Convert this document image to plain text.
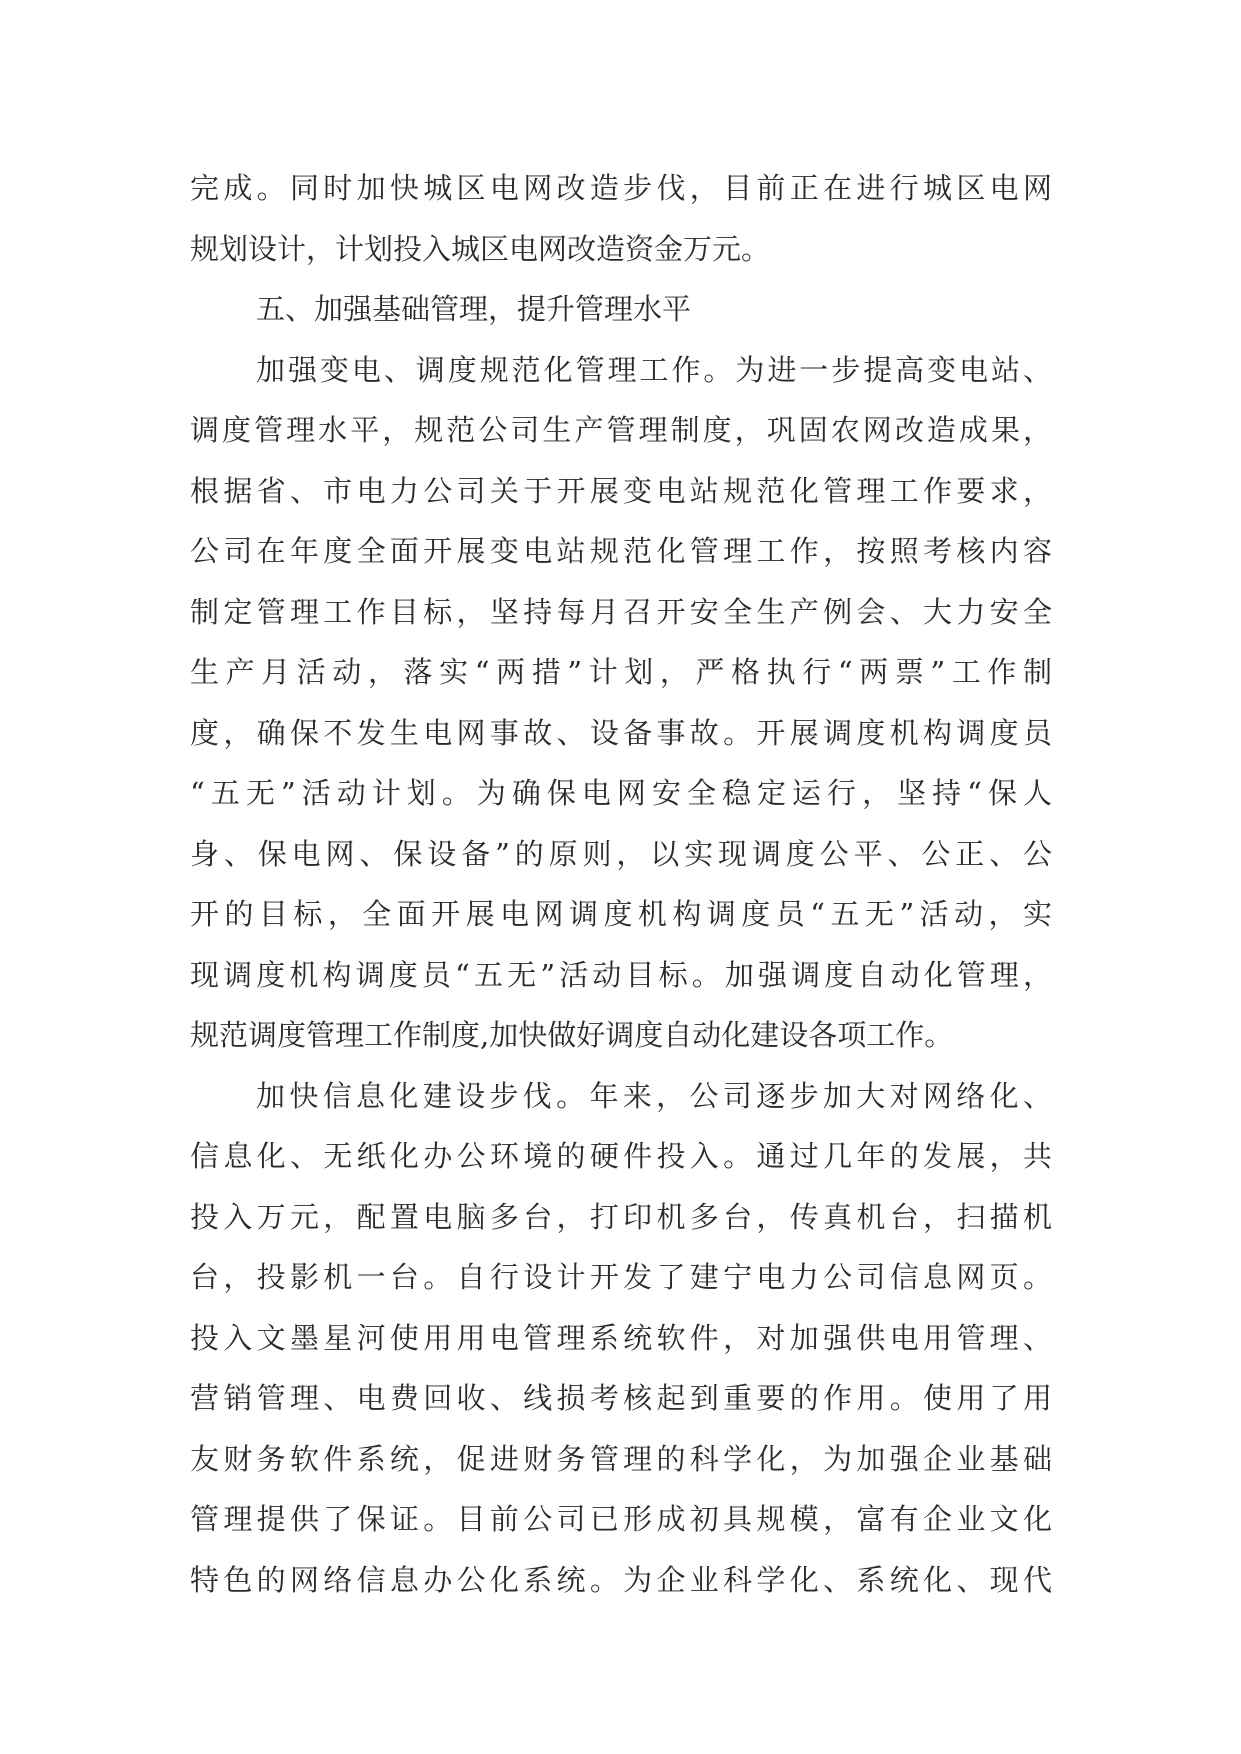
完成。同时加快城区电网改造步伐，目前正在进行城区电网
规划设计，计划投入城区电网改造资金万元。
五、加强基础管理，提升管理水平
加强变电、调度规范化管理工作。为进一步提高变电站、
调度管理水平，规范公司生产管理制度，巩固农网改造成果，
根据省、市电力公司关于开展变电站规范化管理工作要求，
公司在年度全面开展变电站规范化管理工作，按照考核内容
制定管理工作目标，坚持每月召开安全生产例会、大力安全
生产月活动，落实“两措”计划，严格执行“两票”工作制
度，确保不发生电网事故、设备事故。开展调度机构调度员
“五无”活动计划。为确保电网安全稳定运行，坚持“保人
身、保电网、保设备”的原则，以实现调度公平、公正、公
开的目标，全面开展电网调度机构调度员“五无”活动，实
现调度机构调度员“五无”活动目标。加强调度自动化管理，
规范调度管理工作制度,加快做好调度自动化建设各项工作。
加快信息化建设步伐。年来，公司逐步加大对网络化、
信息化、无纸化办公环境的硬件投入。通过几年的发展，共
投入万元，配置电脑多台，打印机多台，传真机台，扫描机
台，投影机一台。自行设计开发了建宁电力公司信息网页。
投入文墨星河使用用电管理系统软件，对加强供电用管理、
营销管理、电费回收、线损考核起到重要的作用。使用了用
友财务软件系统，促进财务管理的科学化，为加强企业基础
管理提供了保证。目前公司已形成初具规模，富有企业文化
特色的网络信息办公化系统。为企业科学化、系统化、现代
